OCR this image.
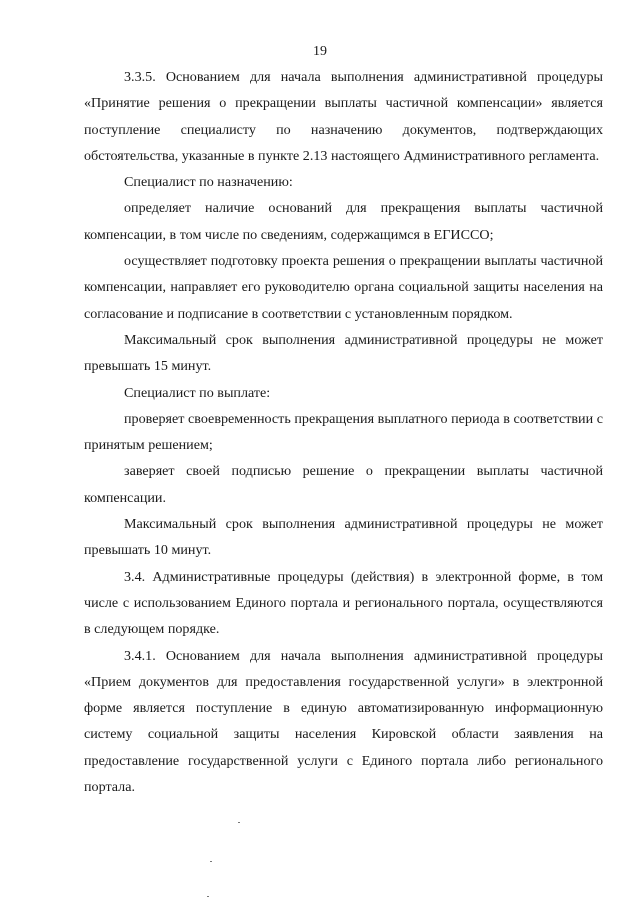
19

3.3.5. Основанием для начала выполнения административной процедуры «Принятие решения о прекращении выплаты частичной компенсации» является поступление специалисту по назначению документов, подтверждающих обстоятельства, указанные в пункте 2.13 настоящего Административного регламента.

Специалист по назначению:

определяет наличие оснований для прекращения выплаты частичной компенсации, в том числе по сведениям, содержащимся в ЕГИССО;

осуществляет подготовку проекта решения о прекращении выплаты частичной компенсации, направляет его руководителю органа социальной защиты населения на согласование и подписание в соответствии с установленным порядком.

Максимальный срок выполнения административной процедуры не может превышать 15 минут.

Специалист по выплате:

проверяет своевременность прекращения выплатного периода в соответствии с принятым решением;

заверяет своей подписью решение о прекращении выплаты частичной компенсации.

Максимальный срок выполнения административной процедуры не может превышать 10 минут.

3.4. Административные процедуры (действия) в электронной форме, в том числе с использованием Единого портала и регионального портала, осуществляются в следующем порядке.

3.4.1. Основанием для начала выполнения административной процедуры «Прием документов для предоставления государственной услуги» в электронной форме является поступление в единую автоматизированную информационную систему социальной защиты населения Кировской области заявления на предоставление государственной услуги с Единого портала либо регионального портала.
